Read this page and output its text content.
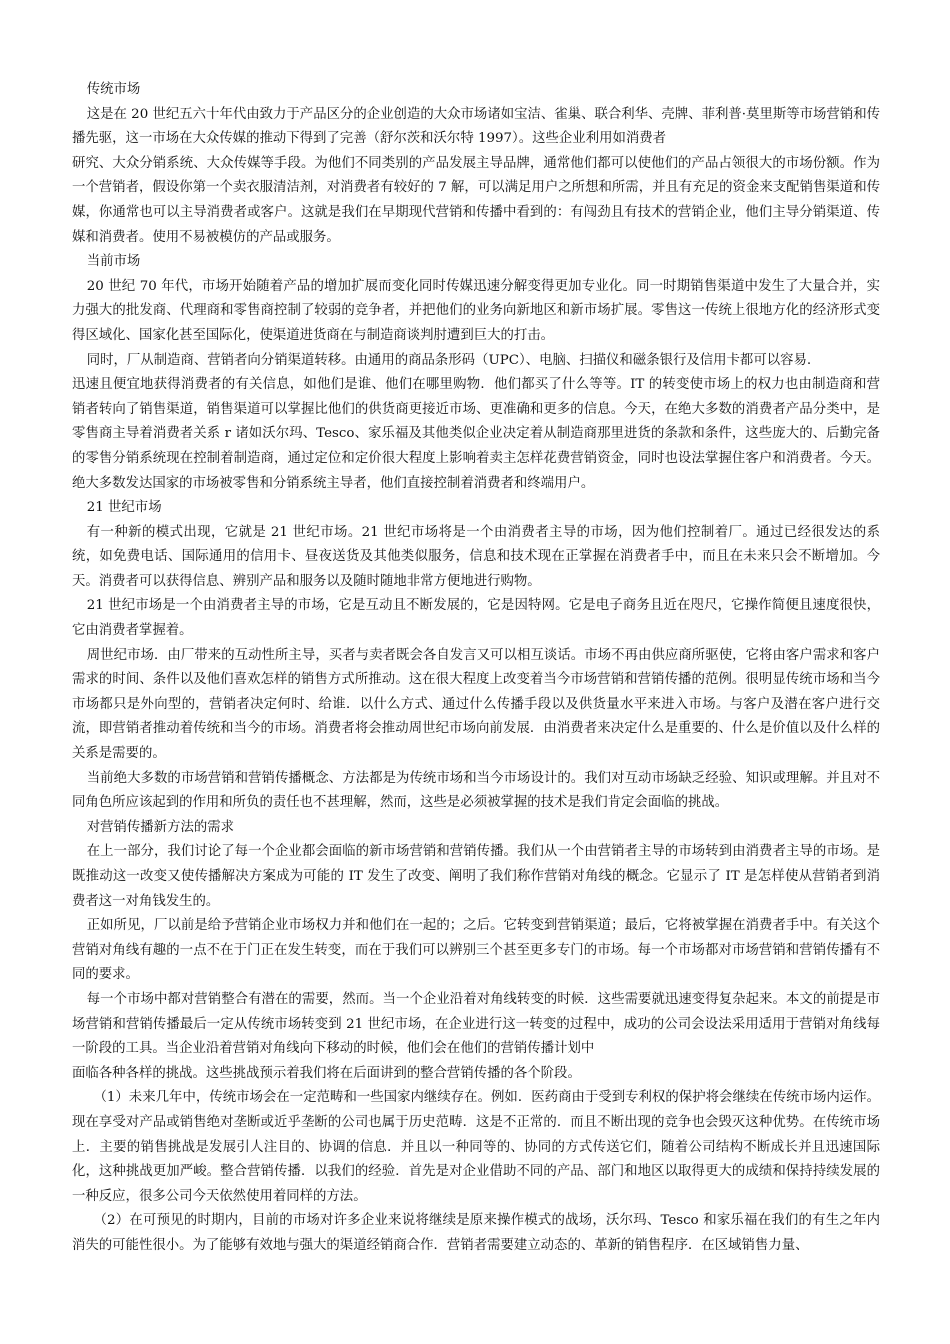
传统市场

这是在 20 世纪五六十年代由致力于产品区分的企业创造的大众市场诸如宝洁、雀巢、联合利华、壳牌、菲利普·莫里斯等市场营销和传播先驱，这一市场在大众传媒的推动下得到了完善（舒尔茨和沃尔特 1997）。这些企业利用如消费者

研究、大众分销系统、大众传媒等手段。为他们不同类别的产品发展主导品牌，通常他们都可以使他们的产品占领很大的市场份额。作为一个营销者，假设你第一个卖衣服清洁剂，对消费者有较好的 7 解，可以满足用户之所想和所需，并且有充足的资金来支配销售渠道和传媒，你通常也可以主导消费者或客户。这就是我们在早期现代营销和传播中看到的：有闯劲且有技术的营销企业，他们主导分销渠道、传媒和消费者。使用不易被模仿的产品或服务。

当前市场

20 世纪 70 年代，市场开始随着产品的增加扩展而变化同时传媒迅速分解变得更加专业化。同一时期销售渠道中发生了大量合并，实力强大的批发商、代理商和零售商控制了较弱的竞争者，并把他们的业务向新地区和新市场扩展。零售这一传统上很地方化的经济形式变得区域化、国家化甚至国际化，使渠道进货商在与制造商谈判肘遭到巨大的打击。

同时，厂从制造商、营销者向分销渠道转移。由通用的商品条形码（UPC）、电脑、扫描仪和磁条银行及信用卡都可以容易.

迅速且便宜地获得消费者的有关信息，如他们是谁、他们在哪里购物．他们都买了什么等等。IT 的转变使市场上的权力也由制造商和营销者转向了销售渠道，销售渠道可以掌握比他们的供货商更接近市场、更准确和更多的信息。今天，在绝大多数的消费者产品分类中，是零售商主导着消费者关系 r 诸如沃尔玛、Tesco、家乐福及其他类似企业决定着从制造商那里进货的条款和条件，这些庞大的、后勤完备的零售分销系统现在控制着制造商，通过定位和定价很大程度上影响着卖主怎样花费营销资金，同时也设法掌握住客户和消费者。今天。绝大多数发达国家的市场被零售和分销系统主导者，他们直接控制着消费者和终端用户。

21 世纪市场

有一种新的模式出现，它就是 21 世纪市场。21 世纪市场将是一个由消费者主导的市场，因为他们控制着厂。通过已经很发达的系统，如免费电话、国际通用的信用卡、昼夜送货及其他类似服务，信息和技术现在正掌握在消费者手中，而且在未来只会不断增加。今天。消费者可以获得信息、辨别产品和服务以及随时随地非常方便地进行购物。

21 世纪市场是一个由消费者主导的市场，它是互动且不断发展的，它是因特网。它是电子商务且近在咫尺，它操作简便且速度很快，它由消费者掌握着。

周世纪市场．由厂带来的互动性所主导，买者与卖者既会各自发言又可以相互谈话。市场不再由供应商所驱使，它将由客户需求和客户需求的时间、条件以及他们喜欢怎样的销售方式所推动。这在很大程度上改变着当今市场营销和营销传播的范例。很明显传统市场和当今市场都只是外向型的，营销者决定何时、给谁．以什么方式、通过什么传播手段以及供货量水平来进入市场。与客户及潜在客户进行交流，即营销者推动着传统和当今的市场。消费者将会推动周世纪市场向前发展．由消费者来决定什么是重要的、什么是价值以及什么样的关系是需要的。

当前绝大多数的市场营销和营销传播概念、方法都是为传统市场和当今市场设计的。我们对互动市场缺乏经验、知识或理解。并且对不同角色所应该起到的作用和所负的责任也不甚理解，然而，这些是必须被掌握的技术是我们肯定会面临的挑战。

对营销传播新方法的需求

在上一部分，我们讨论了每一个企业都会面临的新市场营销和营销传播。我们从一个由营销者主导的市场转到由消费者主导的市场。是既推动这一改变又使传播解决方案成为可能的 IT 发生了改变、阐明了我们称作营销对角线的概念。它显示了 IT 是怎样使从营销者到消费者这一对角钱发生的。

正如所见，厂以前是给予营销企业市场权力并和他们在一起的；之后。它转变到营销渠道；最后，它将被掌握在消费者手中。有关这个营销对角线有趣的一点不在于门正在发生转变，而在于我们可以辨别三个甚至更多专门的市场。每一个市场都对市场营销和营销传播有不同的要求。

每一个市场中都对营销整合有潜在的需要，然而。当一个企业沿着对角线转变的时候．这些需要就迅速变得复杂起来。本文的前提是市场营销和营销传播最后一定从传统市场转变到 21 世纪市场，在企业进行这一转变的过程中，成功的公司会设法采用适用于营销对角线每一阶段的工具。当企业沿着营销对角线向下移动的时候，他们会在他们的营销传播计划中

面临各种各样的挑战。这些挑战预示着我们将在后面讲到的整合营销传播的各个阶段。

（1）未来几年中，传统市场会在一定范畴和一些国家内继续存在。例如．医药商由于受到专利权的保护将会继续在传统市场内运作。现在享受对产品或销售绝对垄断或近乎垄断的公司也属于历史范畴．这是不正常的．而且不断出现的竞争也会毁灭这种优势。在传统市场上．主要的销售挑战是发展引人注目的、协调的信息．并且以一种同等的、协同的方式传送它们，随着公司结构不断成长并且迅速国际化，这种挑战更加严峻。整合营销传播．以我们的经验．首先是对企业借助不同的产品、部门和地区以取得更大的成绩和保持持续发展的一种反应，很多公司今天依然使用着同样的方法。

（2）在可预见的时期内，目前的市场对许多企业来说将继续是原来操作模式的战场，沃尔玛、Tesco 和家乐福在我们的有生之年内消失的可能性很小。为了能够有效地与强大的渠道经销商合作．营销者需要建立动态的、革新的销售程序．在区域销售力量、
